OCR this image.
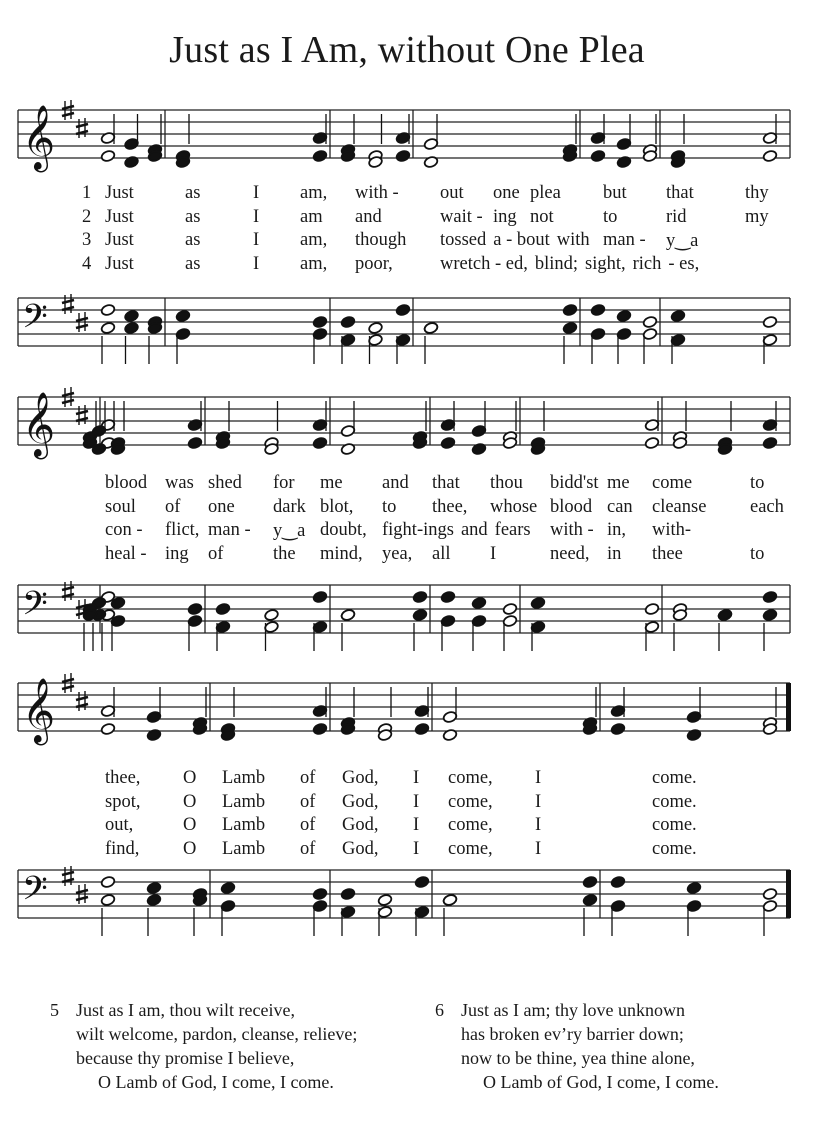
Just as I Am, without One Plea
𝄞
𝄢
𝄞
𝄢
𝄞
𝄢
1 Just	as	I am, with - out one plea but that	thy
2 Just	as	I am and	wait - ing not	to	rid	my
3 Just	as	I am, though tossed a - bout with man - y‿a
4 Just	as	I am, poor,	wretch - ed, blind; sight, rich - es,
blood was shed for me and that thou bidd'st me come	to
soul of one dark blot, to thee, whose blood can cleanse each
con - flict, man - y‿a doubt, fight-ings and fears with - in, with-
heal - ing of	the mind, yea, all I	need, in thee	to
thee, O Lamb of God, I come, I	come.
spot, O Lamb of God, I come, I	come.
out,	O Lamb of God, I come, I	come.
find, O Lamb of God, I come, I	come.
5 Just as I am, thou wilt receive,
wilt welcome, pardon, cleanse, relieve;
because thy promise I believe,
O Lamb of God, I come, I come.
6 Just as I am; thy love unknown
has broken ev’ry barrier down;
now to be thine, yea thine alone,
O Lamb of God, I come, I come.
